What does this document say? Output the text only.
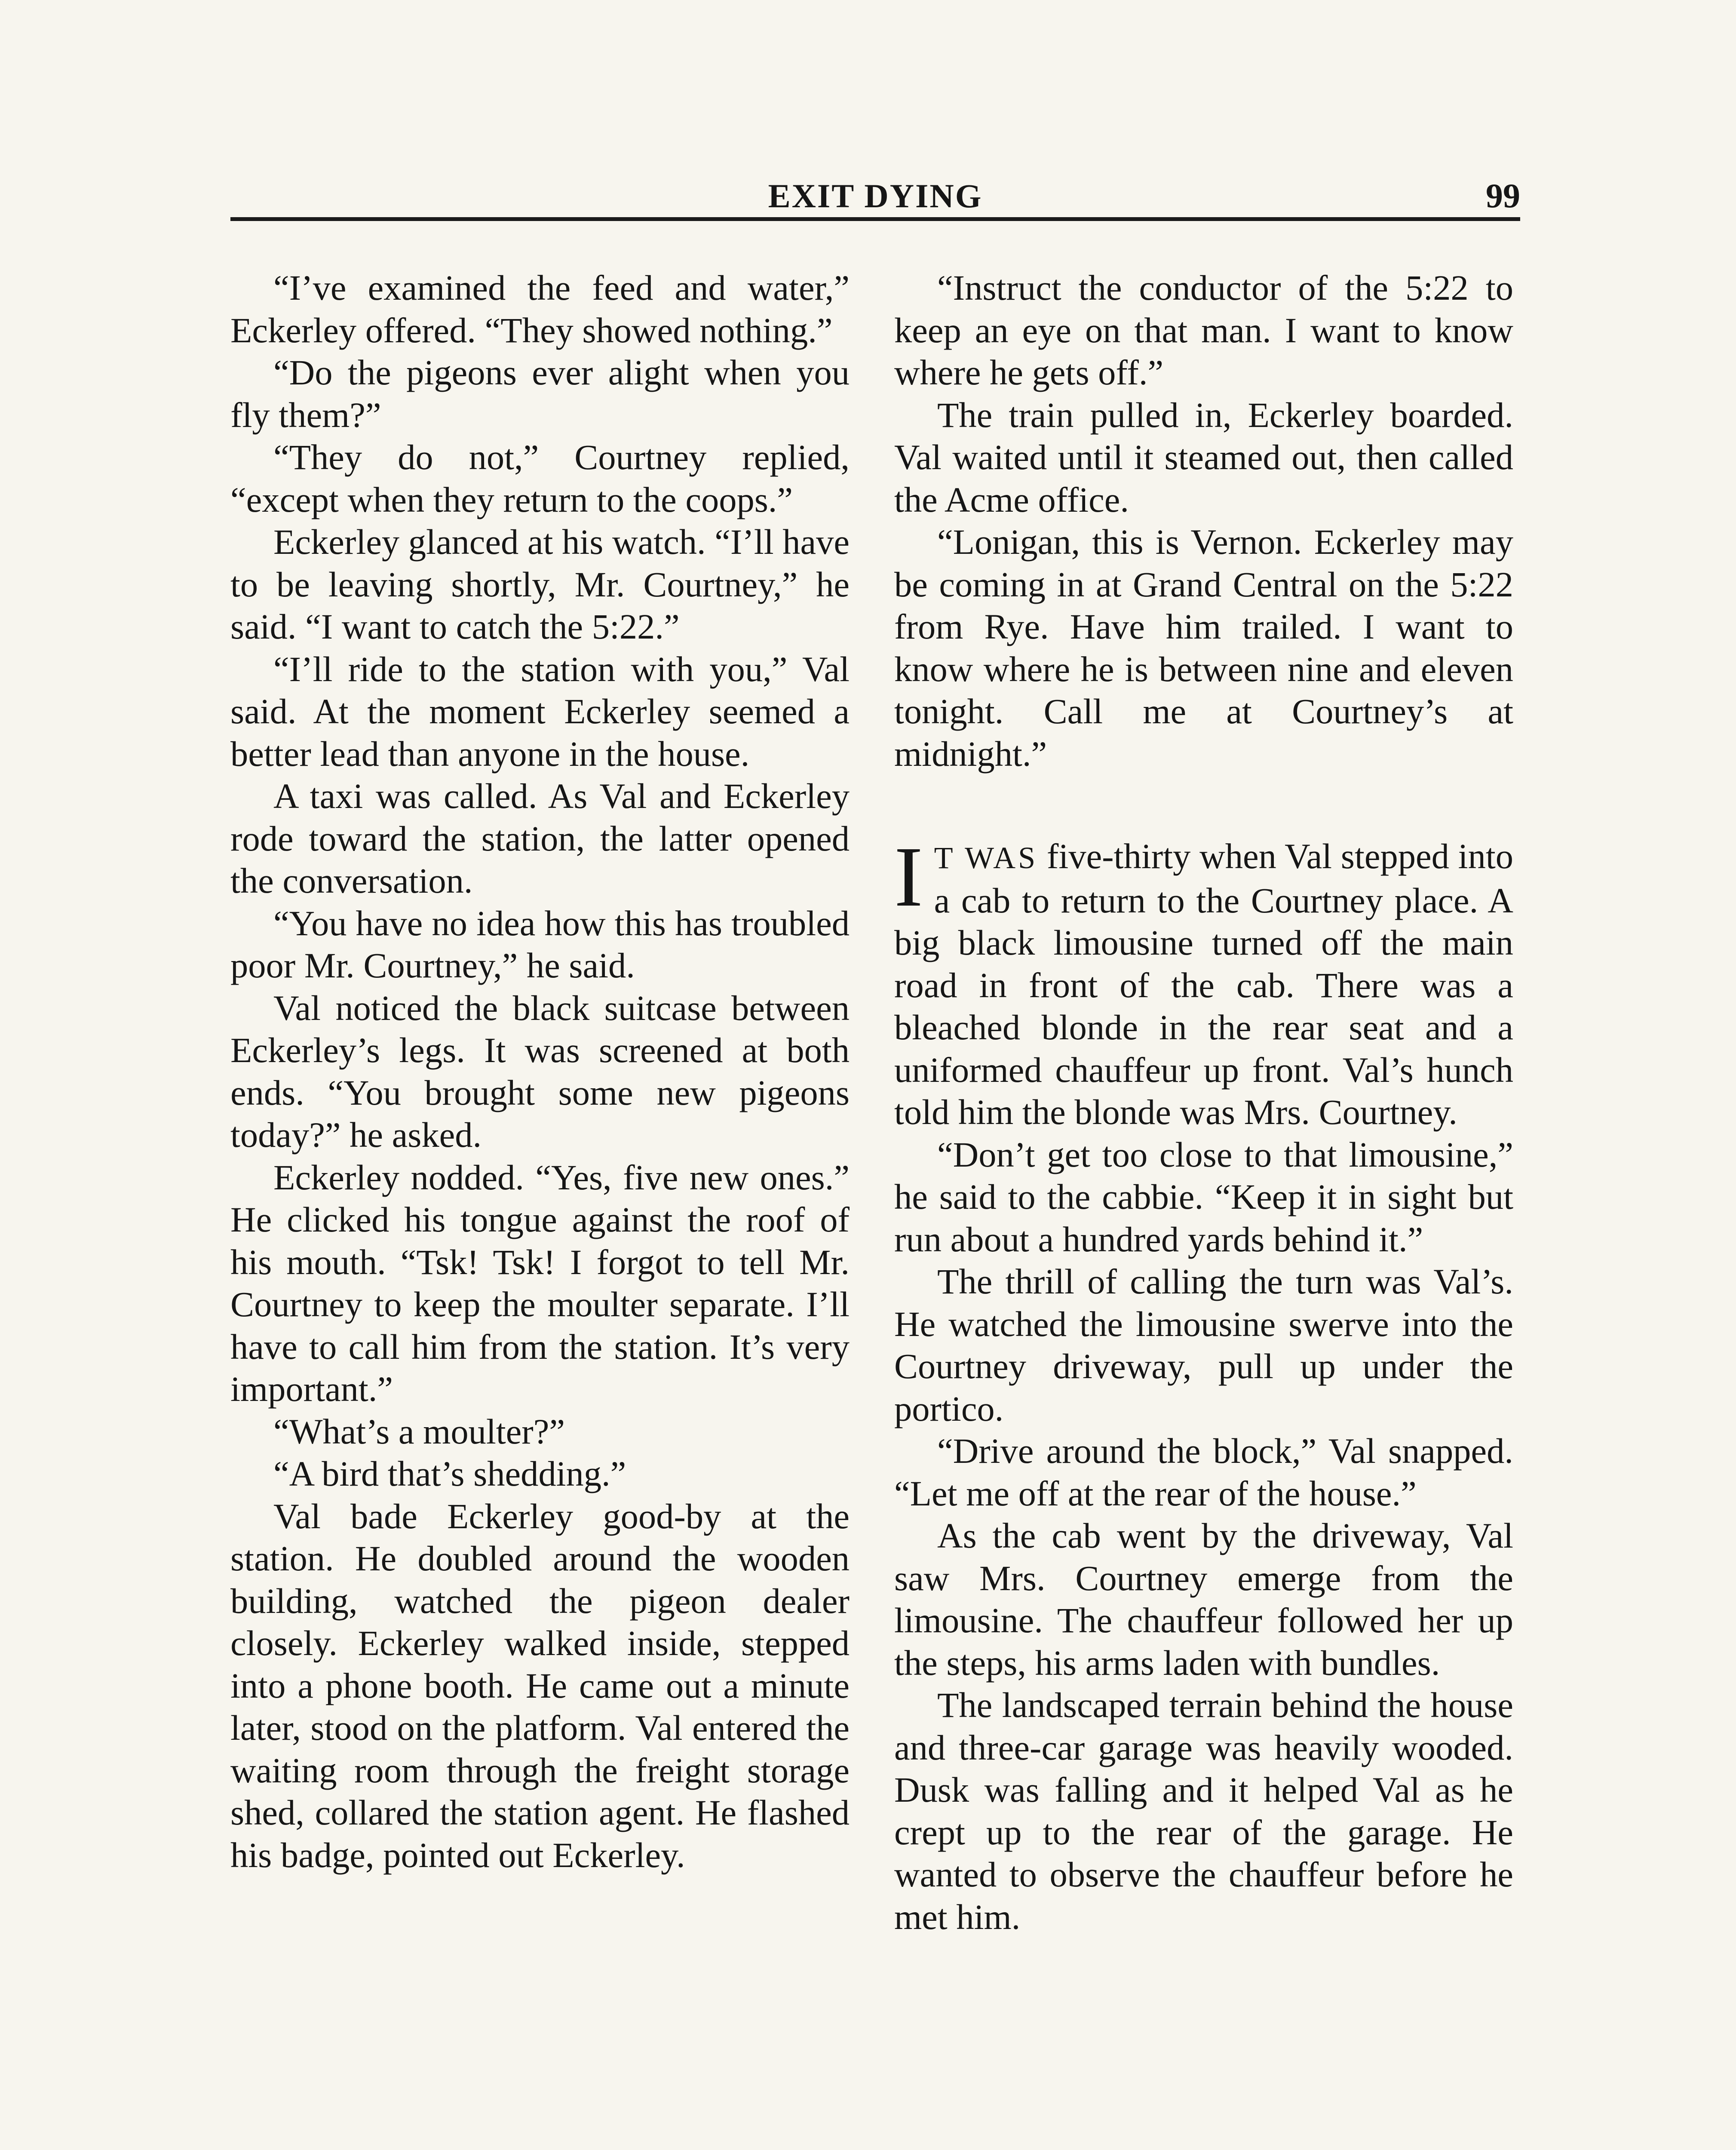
EXIT DYING	99

“I’ve examined the feed and water,” Eckerley offered. “They showed nothing.”

“Do the pigeons ever alight when you fly them?”

“They do not,” Courtney replied, “except when they return to the coops.”

Eckerley glanced at his watch. “I’ll have to be leaving shortly, Mr. Courtney,” he said. “I want to catch the 5:22.”

“I’ll ride to the station with you,” Val said. At the moment Eckerley seemed a better lead than anyone in the house.

A taxi was called. As Val and Eckerley rode toward the station, the latter opened the conversation.

“You have no idea how this has troubled poor Mr. Courtney,” he said.

Val noticed the black suitcase between Eckerley’s legs. It was screened at both ends. “You brought some new pigeons today?” he asked.

Eckerley nodded. “Yes, five new ones.” He clicked his tongue against the roof of his mouth. “Tsk! Tsk! I forgot to tell Mr. Courtney to keep the moulter separate. I’ll have to call him from the station. It’s very important.”

“What’s a moulter?”

“A bird that’s shedding.”

Val bade Eckerley good-by at the station. He doubled around the wooden building, watched the pigeon dealer closely. Eckerley walked inside, stepped into a phone booth. He came out a minute later, stood on the platform. Val entered the waiting room through the freight storage shed, collared the station agent. He flashed his badge, pointed out Eckerley.

“Instruct the conductor of the 5:22 to keep an eye on that man. I want to know where he gets off.”

The train pulled in, Eckerley boarded. Val waited until it steamed out, then called the Acme office.

“Lonigan, this is Vernon. Eckerley may be coming in at Grand Central on the 5:22 from Rye. Have him trailed. I want to know where he is between nine and eleven tonight. Call me at Courtney’s at midnight.”

I T WAS five-thirty when Val stepped into a cab to return to the Courtney place. A big black limousine turned off the main road in front of the cab. There was a bleached blonde in the rear seat and a uniformed chauffeur up front. Val’s hunch told him the blonde was Mrs. Courtney.

“Don’t get too close to that limousine,” he said to the cabbie. “Keep it in sight but run about a hundred yards behind it.”

The thrill of calling the turn was Val’s. He watched the limousine swerve into the Courtney driveway, pull up under the portico.

“Drive around the block,” Val snapped. “Let me off at the rear of the house.”

As the cab went by the driveway, Val saw Mrs. Courtney emerge from the limousine. The chauffeur followed her up the steps, his arms laden with bundles.

The landscaped terrain behind the house and three-car garage was heavily wooded. Dusk was falling and it helped Val as he crept up to the rear of the garage. He wanted to observe the chauffeur before he met him.
